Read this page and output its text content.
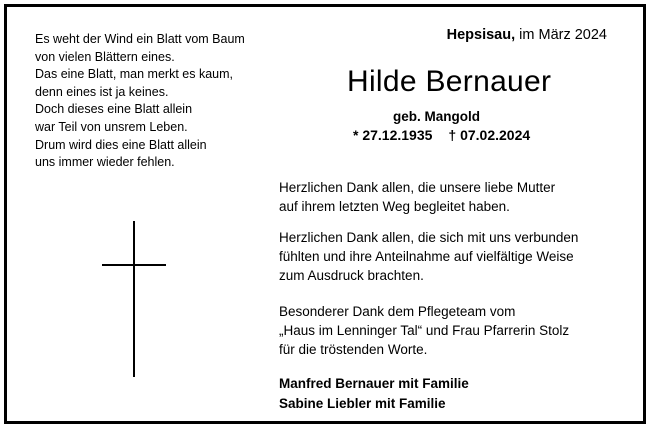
Es weht der Wind ein Blatt vom Baum
von vielen Blättern eines.
Das eine Blatt, man merkt es kaum,
denn eines ist ja keines.
Doch dieses eine Blatt allein
war Teil von unsrem Leben.
Drum wird dies eine Blatt allein
uns immer wieder fehlen.
Hepsisau, im März 2024
Hilde Bernauer
geb. Mangold
* 27.12.1935 † 07.02.2024

Herzlichen Dank allen, die unsere liebe Mutter

auf ihrem letzten Weg begleitet haben.

Herzlichen Dank allen, die sich mit uns verbunden

fühlten und ihre Anteilnahme auf vielfältige Weise

zum Ausdruck brachten.

Besonderer Dank dem Pflegeteam vom

„Haus im Lenninger Tal“ und Frau Pfarrerin Stolz

für die tröstenden Worte.

Manfred Bernauer mit Familie

Sabine Liebler mit Familie
